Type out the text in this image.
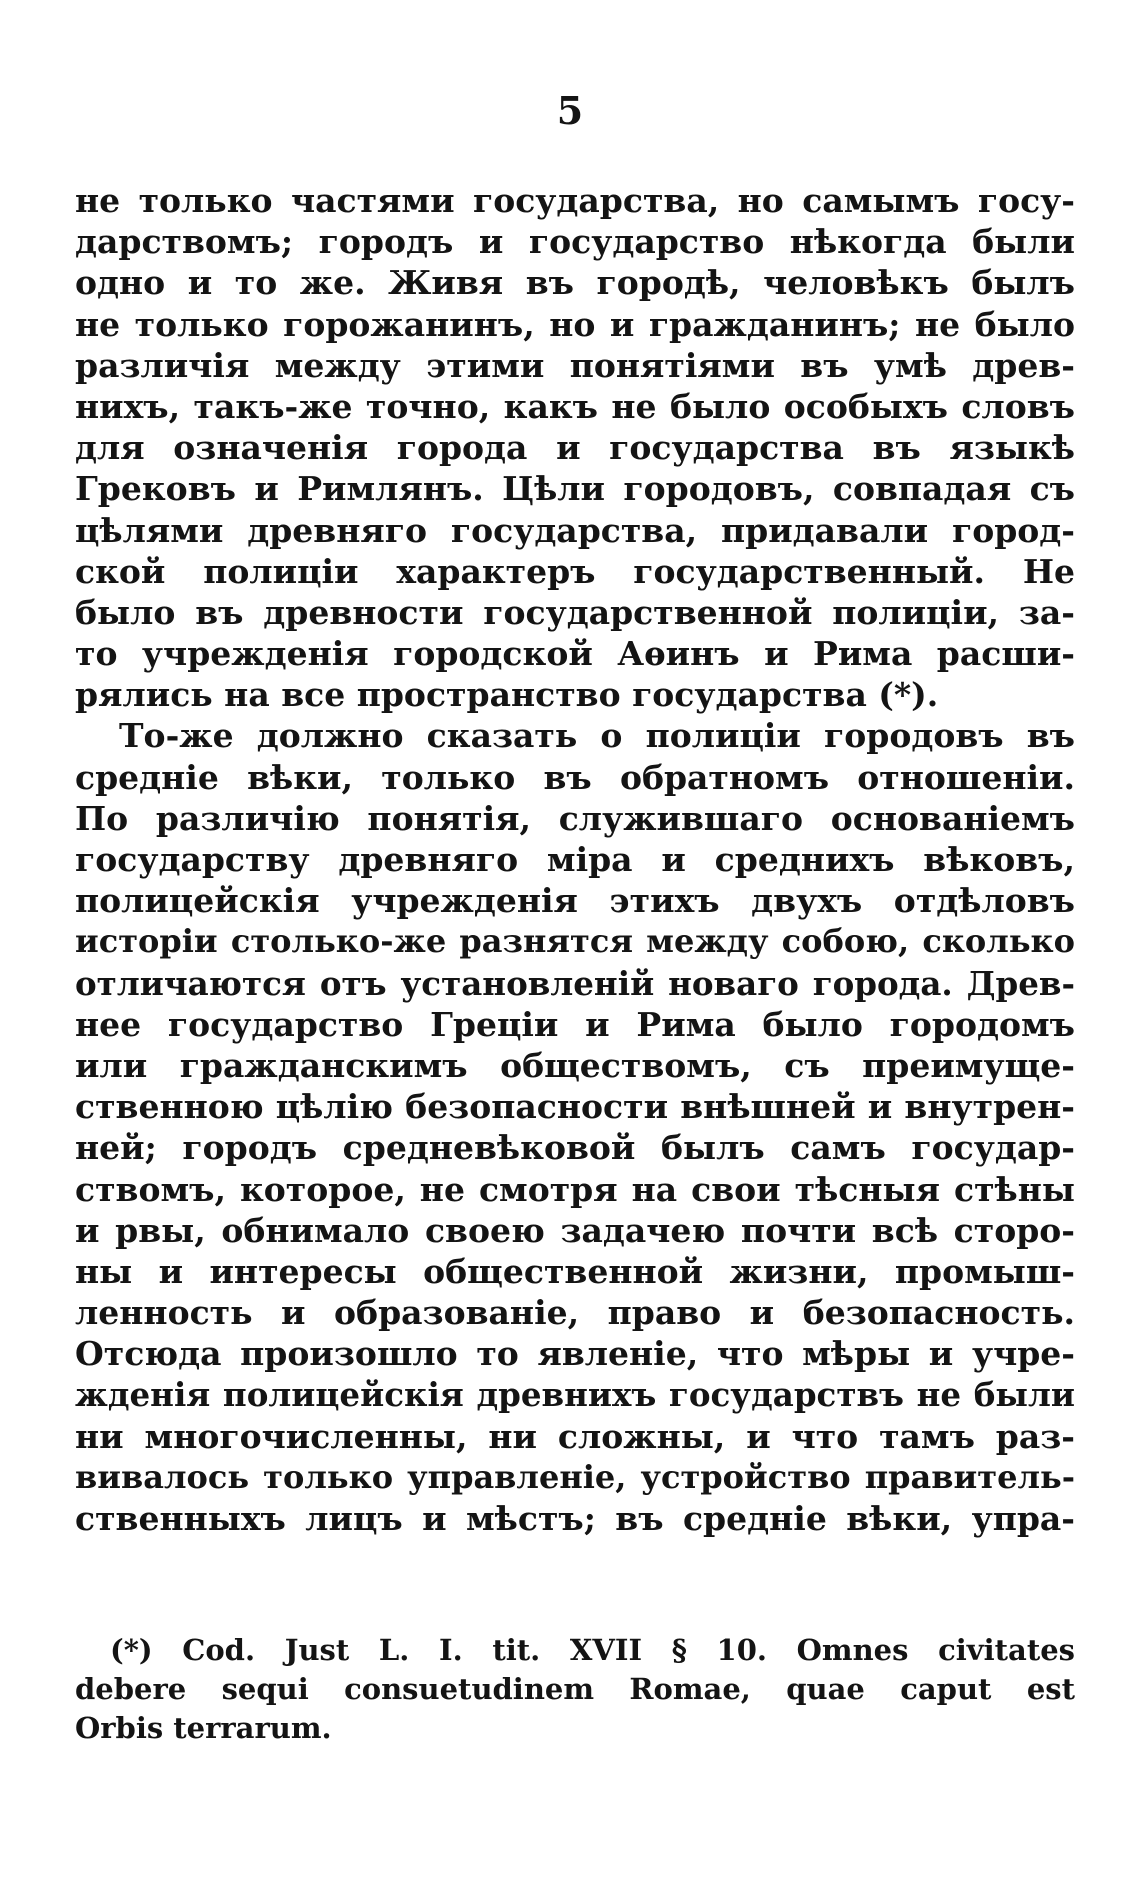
5
не только частями государства, но самымъ госу-
дарствомъ; городъ и государство нѣкогда были
одно и то же. Живя въ городѣ, человѣкъ былъ
не только горожанинъ, но и гражданинъ; не было
различія между этими понятіями въ умѣ древ-
нихъ, такъ-же точно, какъ не было особыхъ словъ
для означенія города и государства въ языкѣ
Грековъ и Римлянъ. Цѣли городовъ, совпадая съ
цѣлями древняго государства, придавали город-
ской полиціи характеръ государственный. Не
было въ древности государственной полиціи, за-
то учрежденія городской Аѳинъ и Рима расши-
рялись на все пространство государства (*).
То-же должно сказать о полиціи городовъ въ
средніе вѣки, только въ обратномъ отношеніи.
По различію понятія, служившаго основаніемъ
государству древняго міра и среднихъ вѣковъ,
полицейскія учрежденія этихъ двухъ отдѣловъ
исторіи столько-же разнятся между собою, сколько
отличаются отъ установленій новаго города. Древ-
нее государство Греціи и Рима было городомъ
или гражданскимъ обществомъ, съ преимуще-
ственною цѣлію безопасности внѣшней и внутрен-
ней; городъ средневѣковой былъ самъ государ-
ствомъ, которое, не смотря на свои тѣсныя стѣны
и рвы, обнимало своею задачею почти всѣ сторо-
ны и интересы общественной жизни, промыш-
ленность и образованіе, право и безопасность.
Отсюда произошло то явленіе, что мѣры и учре-
жденія полицейскія древнихъ государствъ не были
ни многочисленны, ни сложны, и что тамъ раз-
вивалось только управленіе, устройство правитель-
ственныхъ лицъ и мѣстъ; въ средніе вѣки, упра-
(*) Cod. Just L. I. tit. XVII § 10. Omnes civitates
debere sequi consuetudinem Romae, quae caput est
Orbis terrarum.
